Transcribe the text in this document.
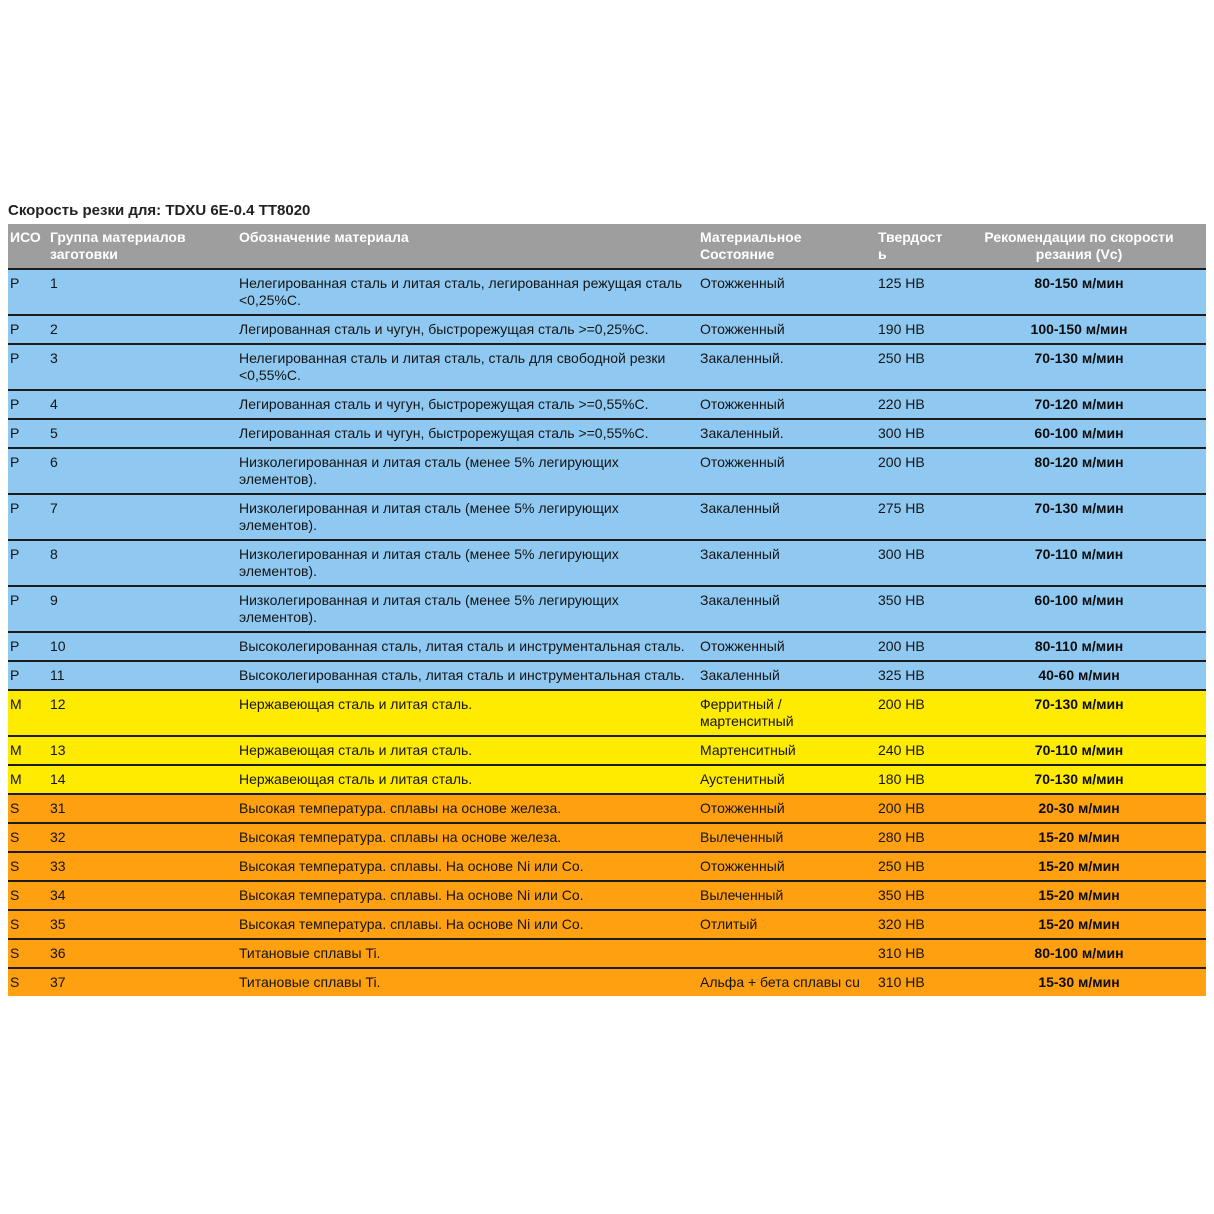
Скорость резки для: TDXU 6E-0.4 TT8020
ИСО	Группа материалов заготовки	Обозначение материала	Материальное Состояние	Твердость	Рекомендации по скорости резания (Vc)
P	1	Нелегированная сталь и литая сталь, легированная режущая сталь <0,25%C.	Отожженный	125 HB	80-150 м/мин
P	2	Легированная сталь и чугун, быстрорежущая сталь >=0,25%C.	Отожженный	190 HB	100-150 м/мин
P	3	Нелегированная сталь и литая сталь, сталь для свободной резки <0,55%C.	Закаленный.	250 HB	70-130 м/мин
P	4	Легированная сталь и чугун, быстрорежущая сталь >=0,55%C.	Отожженный	220 HB	70-120 м/мин
P	5	Легированная сталь и чугун, быстрорежущая сталь >=0,55%C.	Закаленный.	300 HB	60-100 м/мин
P	6	Низколегированная и литая сталь (менее 5% легирующих элементов).	Отожженный	200 HB	80-120 м/мин
P	7	Низколегированная и литая сталь (менее 5% легирующих элементов).	Закаленный	275 HB	70-130 м/мин
P	8	Низколегированная и литая сталь (менее 5% легирующих элементов).	Закаленный	300 HB	70-110 м/мин
P	9	Низколегированная и литая сталь (менее 5% легирующих элементов).	Закаленный	350 HB	60-100 м/мин
P	10	Высоколегированная сталь, литая сталь и инструментальная сталь.	Отожженный	200 HB	80-110 м/мин
P	11	Высоколегированная сталь, литая сталь и инструментальная сталь.	Закаленный	325 HB	40-60 м/мин
M	12	Нержавеющая сталь и литая сталь.	Ферритный / мартенситный	200 HB	70-130 м/мин
M	13	Нержавеющая сталь и литая сталь.	Мартенситный	240 HB	70-110 м/мин
M	14	Нержавеющая сталь и литая сталь.	Аустенитный	180 HB	70-130 м/мин
S	31	Высокая температура. сплавы на основе железа.	Отожженный	200 HB	20-30 м/мин
S	32	Высокая температура. сплавы на основе железа.	Вылеченный	280 HB	15-20 м/мин
S	33	Высокая температура. сплавы. На основе Ni или Co.	Отожженный	250 HB	15-20 м/мин
S	34	Высокая температура. сплавы. На основе Ni или Co.	Вылеченный	350 HB	15-20 м/мин
S	35	Высокая температура. сплавы. На основе Ni или Co.	Отлитый	320 HB	15-20 м/мин
S	36	Титановые сплавы Ti.		310 HB	80-100 м/мин
S	37	Титановые сплавы Ti.	Альфа + бета сплавы cu	310 HB	15-30 м/мин
